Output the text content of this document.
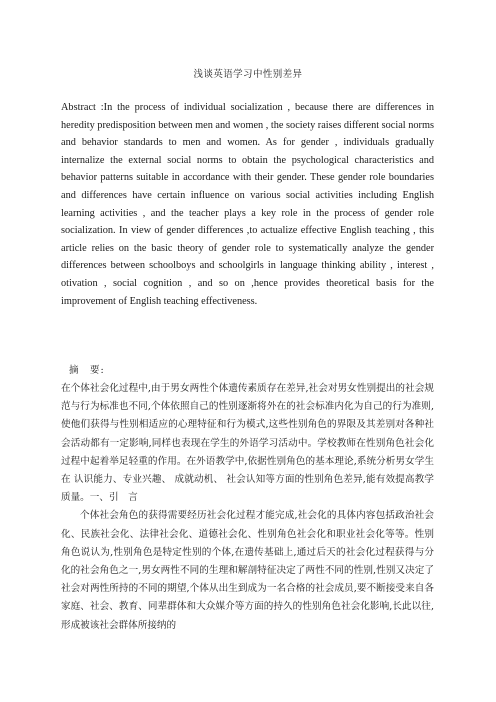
浅谈英语学习中性别差异
Abstract :In the process of individual socialization , because there are differences in heredity predisposition between men and women , the society raises different social norms and behavior standards to men and women. As for gender , individuals gradually internalize the external social norms to obtain the psychological characteristics and behavior patterns suitable in accordance with their gender. These gender role boundaries and differences have certain influence on various social activities including English learning activities , and the teacher plays a key role in the process of gender role socialization. In view of gender differences ,to actualize effective English teaching , this article relies on the basic theory of gender role to systematically analyze the gender differences between schoolboys and schoolgirls in language thinking ability , interest , otivation , social cognition , and so on ,hence provides theoretical basis for the improvement of English teaching effectiveness.
摘　要:

在个体社会化过程中,由于男女两性个体遗传素质存在差异,社会对男女性别提出的社会规范与行为标准也不同,个体依照自己的性别逐渐将外在的社会标准内化为自己的行为准则,使他们获得与性别相适应的心理特征和行为模式,这些性别角色的界限及其差别对各种社会活动都有一定影响,同样也表现在学生的外语学习活动中。学校教师在性别角色社会化过程中起着举足轻重的作用。在外语教学中,依据性别角色的基本理论,系统分析男女学生在 认识能力、专业兴趣、 成就动机、 社会认知等方面的性别角色差异,能有效提高教学质量。一、引　言

个体社会角色的获得需要经历社会化过程才能完成,社会化的具体内容包括政治社会化、民族社会化、法律社会化、道德社会化、性别角色社会化和职业社会化等等。性别角色说认为,性别角色是特定性别的个体,在遗传基础上,通过后天的社会化过程获得与分化的社会角色之一,男女两性不同的生理和解剖特征决定了两性不同的性别,性别又决定了社会对两性所持的不同的期望,个体从出生到成为一名合格的社会成员,要不断接受来自各家庭、社会、教育、同辈群体和大众媒介等方面的持久的性别角色社会化影响,长此以往,形成被该社会群体所接纳的
